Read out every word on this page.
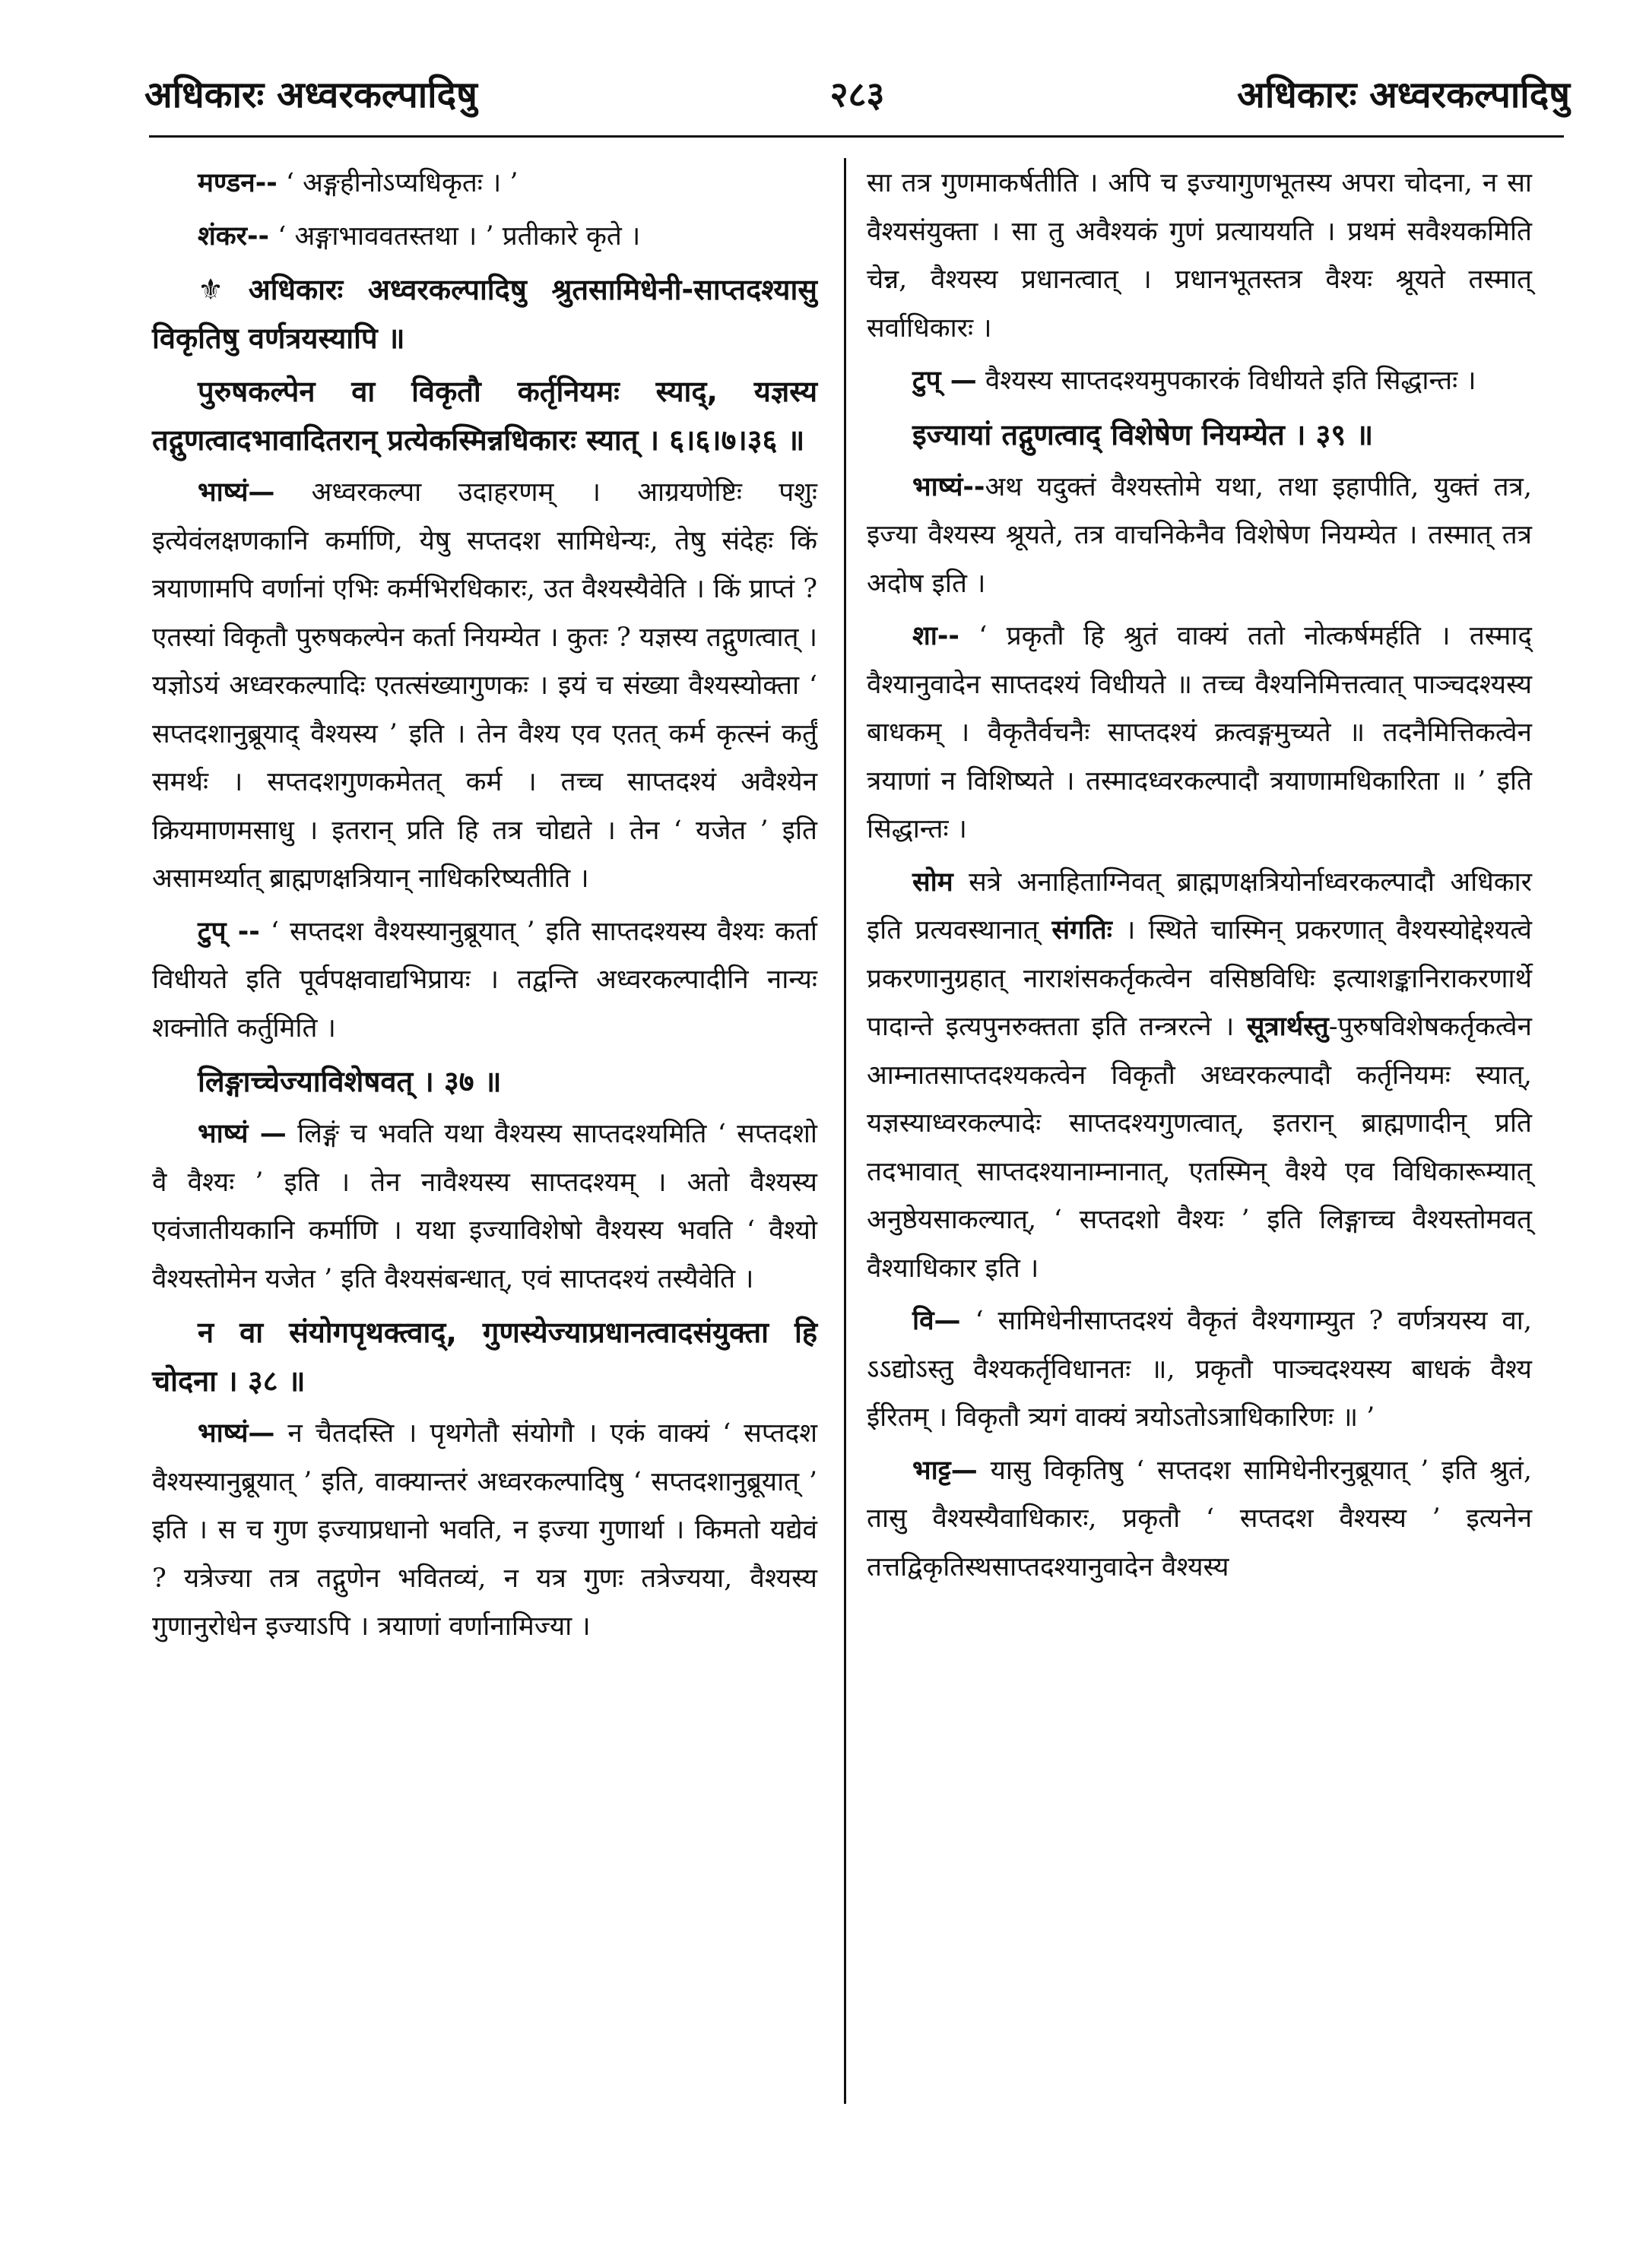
अधिकारः अध्वरकल्पादिषु	२८३	अधिकारः अध्वरकल्पादिषु

मण्डन-- ‘ अङ्गहीनोऽप्यधिकृतः । ’

शंकर-- ‘ अङ्गाभाववतस्तथा । ’ प्रतीकारे कृते ।

⚜ अधिकारः अध्वरकल्पादिषु श्रुतसामिधेनी-साप्तदश्यासु विकृतिषु वर्णत्रयस्यापि ॥

पुरुषकल्पेन वा विकृतौ कर्तृनियमः स्याद्, यज्ञस्य तद्गुणत्वादभावादितरान् प्रत्येकस्मिन्नधिकारः स्यात् । ६।६।७।३६ ॥

भाष्यं— अध्वरकल्पा उदाहरणम् । आग्रयणेष्टिः पशुः इत्येवंलक्षणकानि कर्माणि, येषु सप्तदश सामिधेन्यः, तेषु संदेहः किं त्रयाणामपि वर्णानां एभिः कर्मभिरधिकारः, उत वैश्यस्यैवेति । किं प्राप्तं ? एतस्यां विकृतौ पुरुषकल्पेन कर्ता नियम्येत । कुतः ? यज्ञस्य तद्गुणत्वात् । यज्ञोऽयं अध्वरकल्पादिः एतत्संख्यागुणकः । इयं च संख्या वैश्यस्योक्ता ‘ सप्तदशानुब्रूयाद् वैश्यस्य ’ इति । तेन वैश्य एव एतत् कर्म कृत्स्नं कर्तुं समर्थः । सप्तदशगुणकमेतत् कर्म । तच्च साप्तदश्यं अवैश्येन क्रियमाणमसाधु । इतरान् प्रति हि तत्र चोद्यते । तेन ‘ यजेत ’ इति असामर्थ्यात् ब्राह्मणक्षत्रियान् नाधिकरिष्यतीति ।

टुप् -- ‘ सप्तदश वैश्यस्यानुब्रूयात् ’ इति साप्तदश्यस्य वैश्यः कर्ता विधीयते इति पूर्वपक्षवाद्यभिप्रायः । तद्वन्ति अध्वरकल्पादीनि नान्यः शक्नोति कर्तुमिति ।

लिङ्गाच्चेज्याविशेषवत् । ३७ ॥

भाष्यं — लिङ्गं च भवति यथा वैश्यस्य साप्तदश्यमिति ‘ सप्तदशो वै वैश्यः ’ इति । तेन नावैश्यस्य साप्तदश्यम् । अतो वैश्यस्य एवंजातीयकानि कर्माणि । यथा इज्याविशेषो वैश्यस्य भवति ‘ वैश्यो वैश्यस्तोमेन यजेत ’ इति वैश्यसंबन्धात्, एवं साप्तदश्यं तस्यैवेति ।

न वा संयोगपृथक्त्वाद्, गुणस्येज्याप्रधानत्वादसंयुक्ता हि चोदना । ३८ ॥

भाष्यं— न चैतदस्ति । पृथगेतौ संयोगौ । एकं वाक्यं ‘ सप्तदश वैश्यस्यानुब्रूयात् ’ इति, वाक्यान्तरं अध्वरकल्पादिषु ‘ सप्तदशानुब्रूयात् ’ इति । स च गुण इज्याप्रधानो भवति, न इज्या गुणार्था । किमतो यद्येवं ? यत्रेज्या तत्र तद्गुणेन भवितव्यं, न यत्र गुणः तत्रेज्यया, वैश्यस्य गुणानुरोधेन इज्याऽपि । त्रयाणां वर्णानामिज्या ।

सा तत्र गुणमाकर्षतीति । अपि च इज्यागुणभूतस्य अपरा चोदना, न सा वैश्यसंयुक्ता । सा तु अवैश्यकं गुणं प्रत्याययति । प्रथमं सवैश्यकमिति चेन्न, वैश्यस्य प्रधानत्वात् । प्रधानभूतस्तत्र वैश्यः श्रूयते तस्मात् सर्वाधिकारः ।

टुप् — वैश्यस्य साप्तदश्यमुपकारकं विधीयते इति सिद्धान्तः ।

इज्यायां तद्गुणत्वाद् विशेषेण नियम्येत । ३९ ॥

भाष्यं--अथ यदुक्तं वैश्यस्तोमे यथा, तथा इहापीति, युक्तं तत्र, इज्या वैश्यस्य श्रूयते, तत्र वाचनिकेनैव विशेषेण नियम्येत । तस्मात् तत्र अदोष इति ।

शा-- ‘ प्रकृतौ हि श्रुतं वाक्यं ततो नोत्कर्षमर्हति । तस्माद् वैश्यानुवादेन साप्तदश्यं विधीयते ॥ तच्च वैश्यनिमित्तत्वात् पाञ्चदश्यस्य बाधकम् । वैकृतैर्वचनैः साप्तदश्यं क्रत्वङ्गमुच्यते ॥ तदनैमित्तिकत्वेन त्रयाणां न विशिष्यते । तस्मादध्वरकल्पादौ त्रयाणामधिकारिता ॥ ’ इति सिद्धान्तः ।

सोम सत्रे अनाहिताग्निवत् ब्राह्मणक्षत्रियोर्नाध्वरकल्पादौ अधिकार इति प्रत्यवस्थानात् संगतिः । स्थिते चास्मिन् प्रकरणात् वैश्यस्योद्देश्यत्वे प्रकरणानुग्रहात् नाराशंसकर्तृकत्वेन वसिष्ठविधिः इत्याशङ्कानिराकरणार्थे पादान्ते इत्यपुनरुक्तता इति तन्त्ररत्ने । सूत्रार्थस्तु-पुरुषविशेषकर्तृकत्वेन आम्नातसाप्तदश्यकत्वेन विकृतौ अध्वरकल्पादौ कर्तृनियमः स्यात्, यज्ञस्याध्वरकल्पादेः साप्तदश्यगुणत्वात्, इतरान् ब्राह्मणादीन् प्रति तदभावात् साप्तदश्यानाम्नानात्, एतस्मिन् वैश्ये एव विधिकारूम्यात् अनुष्ठेयसाकल्यात्, ‘ सप्तदशो वैश्यः ’ इति लिङ्गाच्च वैश्यस्तोमवत् वैश्याधिकार इति ।

वि— ‘ सामिधेनीसाप्तदश्यं वैकृतं वैश्यगाम्युत ? वर्णत्रयस्य वा, ऽऽद्योऽस्तु वैश्यकर्तृविधानतः ॥, प्रकृतौ पाञ्चदश्यस्य बाधकं वैश्य ईरितम् । विकृतौ त्र्यगं वाक्यं त्रयोऽतोऽत्राधिकारिणः ॥ ’

भाट्ट— यासु विकृतिषु ‘ सप्तदश सामिधेनीरनुब्रूयात् ’ इति श्रुतं, तासु वैश्यस्यैवाधिकारः, प्रकृतौ ‘ सप्तदश वैश्यस्य ’ इत्यनेन तत्तद्विकृतिस्थसाप्तदश्यानुवादेन वैश्यस्य
